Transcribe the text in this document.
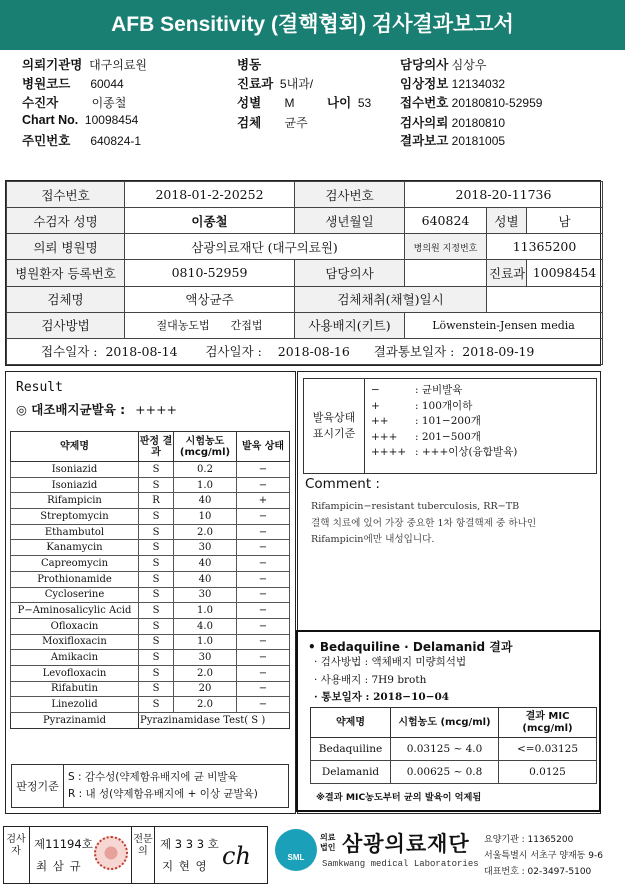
AFB Sensitivity (결핵협회) 검사결과보고서
의뢰기관명 대구의료원
병원코드 60044
수진자	이종철
Chart No. 10098454
주민번호 640824-1
병동
진료과 5내과/
성별 M	나이 53
검체 균주
담당의사 심상우
임상정보 12134032
접수번호 20180810-52959
검사의뢰 20180810
결과보고 20181005
접수번호	2018-01-2-20252	검사번호	2018-20-11736		
수검자 성명	이종철	생년월일	640824	성별	남
의뢰 병원명	삼광의료재단 (대구의료원)		병의원 지정번호	11365200	
병원환자 등록번호	0810-52959	담당의사		진료과	10098454
검체명	액상균주	검체채취(채혈)일시			
검사방법	절대농도법 간접법	사용배지(키트)	Löwenstein-Jensen media		
접수일자 : 2018-08-14 검사일자 : 2018-08-16 결과통보일자 : 2018-09-19					
Result
◎ 대조배지균발육 : ++++
약제명	판정 결과	시험농도 (mcg/ml)	발육 상태
Isoniazid	S	0.2	−
Isoniazid	S	1.0	−
Rifampicin	R	40	+
Streptomycin	S	10	−
Ethambutol	S	2.0	−
Kanamycin	S	30	−
Capreomycin	S	40	−
Prothionamide	S	40	−
Cycloserine	S	30	−
P−Aminosalicylic Acid	S	1.0	−
Ofloxacin	S	4.0	−
Moxifloxacin	S	1.0	−
Amikacin	S	30	−
Levofloxacin	S	2.0	−
Rifabutin	S	20	−
Linezolid	S	2.0	−
Pyrazinamid	Pyrazinamidase Test( S )		
판정기준
S : 감수성(약제함유배지에 균 비발육
R : 내 성(약제함유배지에 + 이상 균발육)
발육상태
표시기준
−	: 균비발육
+	: 100개이하
++	: 101−200개
+++	: 201−500개
++++ : +++이상(융합발육)
Comment :
Rifampicin−resistant tuberculosis, RR−TB
결핵 치료에 있어 가장 중요한 1차 항결핵제 중 하나인
Rifampicin에만 내성입니다.
• Bedaquiline · Delamanid 결과
· 검사방법 : 액체배지 미량희석법
· 사용배지 : 7H9 broth
· 통보일자 : 2018−10−04
약제명	시험농도 (mcg/ml)	결과 MIC (mcg/ml)
Bedaquiline	0.03125 ~ 4.0	<=0.03125
Delamanid	0.00625 ~ 0.8	0.0125
※결과 MIC농도부터 균의 발육이 억제됨
검사자
제11194호
최 삼 규
전문의
제 3 3 3 호
지 현 영 ch	SML
의료 법인 삼광의료재단
Samkwang medical Laboratories
요양기관 : 11365200
서울특별시 서초구 양재동 9-6
대표번호 : 02-3497-5100
